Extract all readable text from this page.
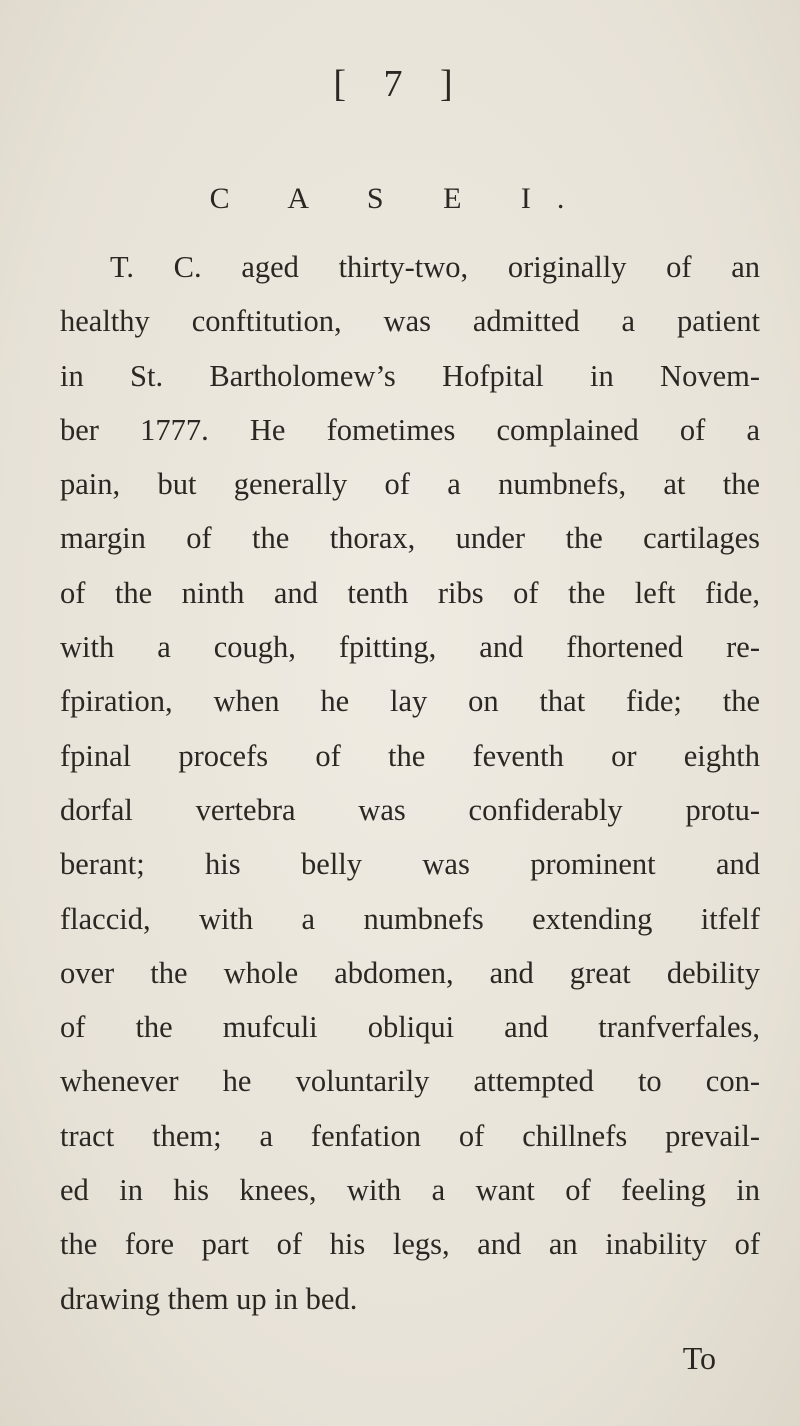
[ 7 ]
C A S E I.
T. C. aged thirty-two, originally of an
healthy conftitution, was admitted a patient
in St. Bartholomew’s Hofpital in Novem-
ber 1777. He fometimes complained of a
pain, but generally of a numbnefs, at the
margin of the thorax, under the cartilages
of the ninth and tenth ribs of the left fide,
with a cough, fpitting, and fhortened re-
fpiration, when he lay on that fide; the
fpinal procefs of the feventh or eighth
dorfal vertebra was confiderably protu-
berant; his belly was prominent and
flaccid, with a numbnefs extending itfelf
over the whole abdomen, and great debility
of the mufculi obliqui and tranfverfales,
whenever he voluntarily attempted to con-
tract them; a fenfation of chillnefs prevail-
ed in his knees, with a want of feeling in
the fore part of his legs, and an inability of
drawing them up in bed.
To
